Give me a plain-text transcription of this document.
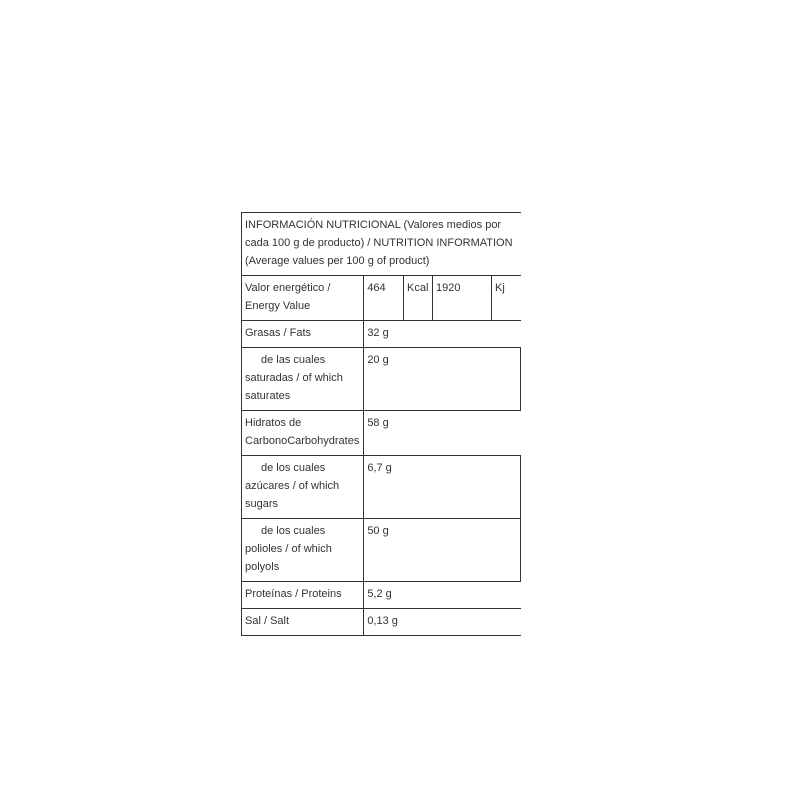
INFORMACIÓN NUTRICIONAL (Valores medios por cada 100 g de producto) / NUTRITION INFORMATION (Average values per 100 g of product)				
Valor energético / Energy Value	464	Kcal	1920	Kj
Grasas / Fats	32 g			
de las cuales saturadas / of which saturates	20 g			
Hidratos de CarbonoCarbohydrates	58 g			
de los cuales azúcares / of which sugars	6,7 g			
de los cuales polioles / of which polyols	50 g			
Proteínas / Proteins	5,2 g			
Sal / Salt	0,13 g			
